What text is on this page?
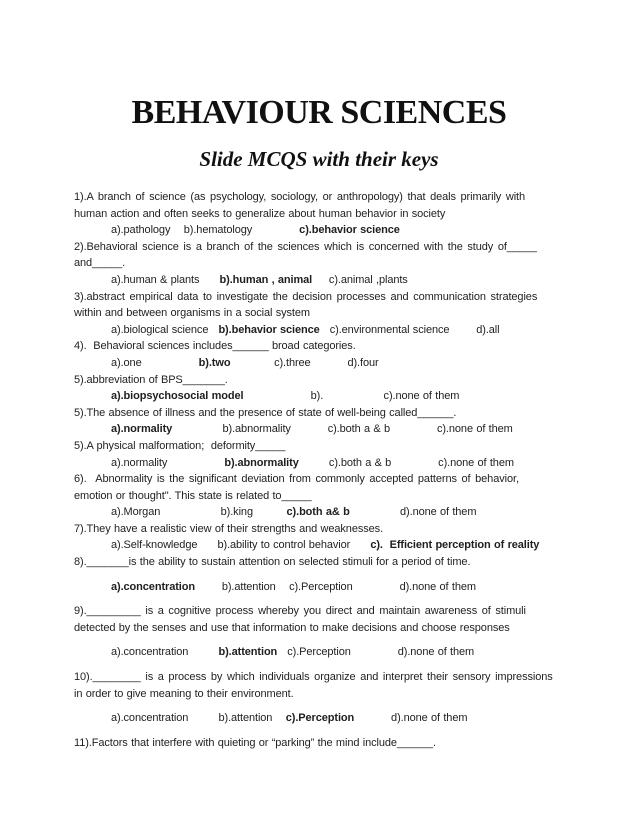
BEHAVIOUR SCIENCES
Slide MCQS with their keys
1).A branch of science (as psychology, sociology, or anthropology) that deals primarily with
human action and often seeks to generalize about human behavior in society
a).pathology    b).hematology              c).behavior science
2).Behavioral science is a branch of the sciences which is concerned with the study of_____
and_____.
a).human & plants      b).human , animal     c).animal ,plants
3).abstract empirical data to investigate the decision processes and communication strategies
within and between organisms in a social system
a).biological science   b).behavior science   c).environmental science        d).all
4).  Behavioral sciences includes______ broad categories.
a).one                 b).two             c).three           d).four
5).abbreviation of BPS_______.
a).biopsychosocial model                    b).                  c).none of them
5).The absence of illness and the presence of state of well-being called______.
a).normality               b).abnormality           c).both a & b              c).none of them
5).A physical malformation;  deformity_____
a).normality                 b).abnormality         c).both a & b              c).none of them
6).  Abnormality is the significant deviation from commonly accepted patterns of behavior,
emotion or thought". This state is related to_____
a).Morgan                  b).king          c).both a& b               d).none of them
7).They have a realistic view of their strengths and weaknesses.
a).Self-knowledge      b).ability to control behavior      c).  Efficient perception of reality
8)._______is the ability to sustain attention on selected stimuli for a period of time.
a).concentration        b).attention    c).Perception              d).none of them
9)._________ is a cognitive process whereby you direct and maintain awareness of stimuli
detected by the senses and use that information to make decisions and choose responses
a).concentration         b).attention   c).Perception              d).none of them
10).________ is a process by which individuals organize and interpret their sensory impressions
in order to give meaning to their environment.
a).concentration         b).attention    c).Perception           d).none of them
11).Factors that interfere with quieting or “parking” the mind include______.
